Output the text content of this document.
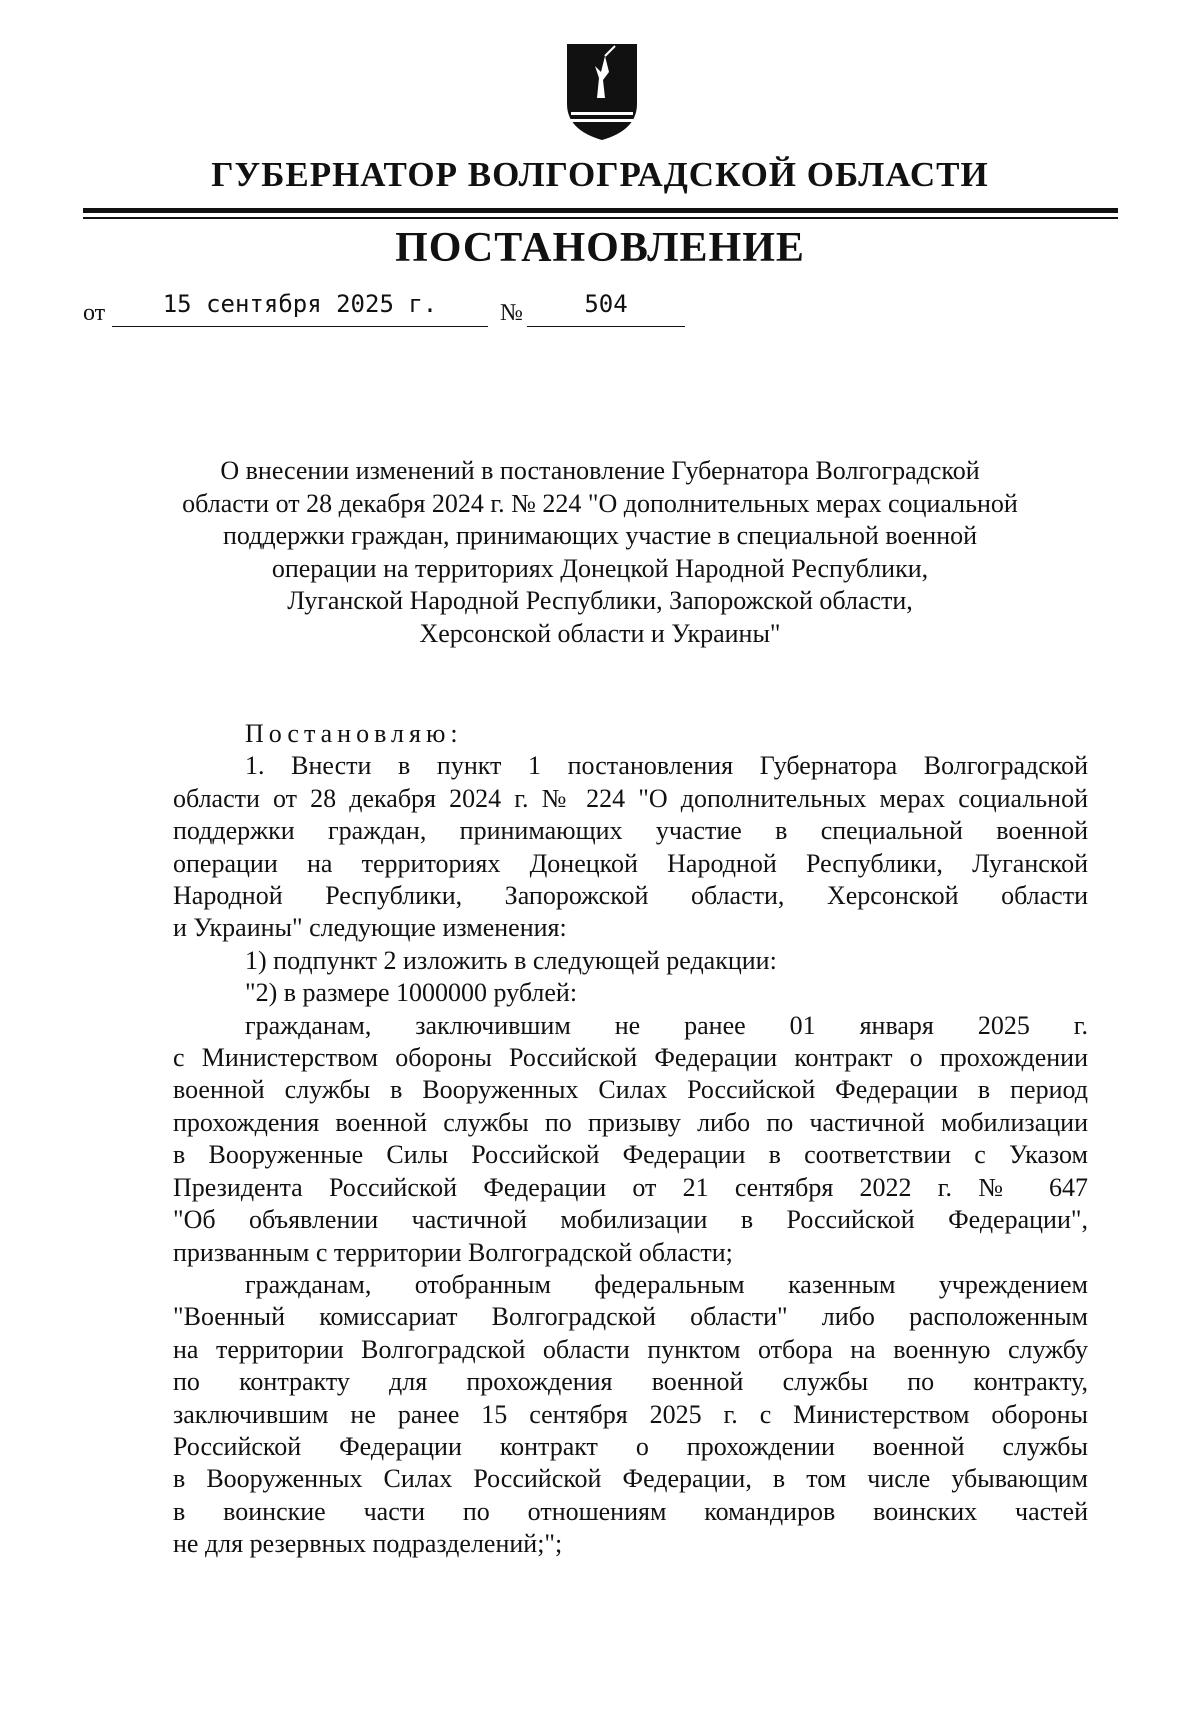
ГУБЕРНАТОР ВОЛГОГРАДСКОЙ ОБЛАСТИ
ПОСТАНОВЛЕНИЕ
от	15 сентября 2025 г.	№	504
О внесении изменений в постановление Губернатора Волгоградской
области от 28 декабря 2024 г. № 224 "О дополнительных мерах социальной
поддержки граждан, принимающих участие в специальной военной
операции на территориях Донецкой Народной Республики,
Луганской Народной Республики, Запорожской области,
Херсонской области и Украины"

Постановляю:

1. Внести в пункт 1 постановления Губернатора Волгоградской

области от 28 декабря 2024 г. № 224 "О дополнительных мерах социальной

поддержки граждан, принимающих участие в специальной военной

операции на территориях Донецкой Народной Республики, Луганской

Народной Республики, Запорожской области, Херсонской области

и Украины" следующие изменения:

1) подпункт 2 изложить в следующей редакции:

"2) в размере 1000000 рублей:

гражданам, заключившим не ранее 01 января 2025 г.

с Министерством обороны Российской Федерации контракт о прохождении

военной службы в Вооруженных Силах Российской Федерации в период

прохождения военной службы по призыву либо по частичной мобилизации

в Вооруженные Силы Российской Федерации в соответствии с Указом

Президента Российской Федерации от 21 сентября 2022 г. № 647

"Об объявлении частичной мобилизации в Российской Федерации",

призванным с территории Волгоградской области;

гражданам, отобранным федеральным казенным учреждением

"Военный комиссариат Волгоградской области" либо расположенным

на территории Волгоградской области пунктом отбора на военную службу

по контракту для прохождения военной службы по контракту,

заключившим не ранее 15 сентября 2025 г. с Министерством обороны

Российской Федерации контракт о прохождении военной службы

в Вооруженных Силах Российской Федерации, в том числе убывающим

в воинские части по отношениям командиров воинских частей

не для резервных подразделений;";
